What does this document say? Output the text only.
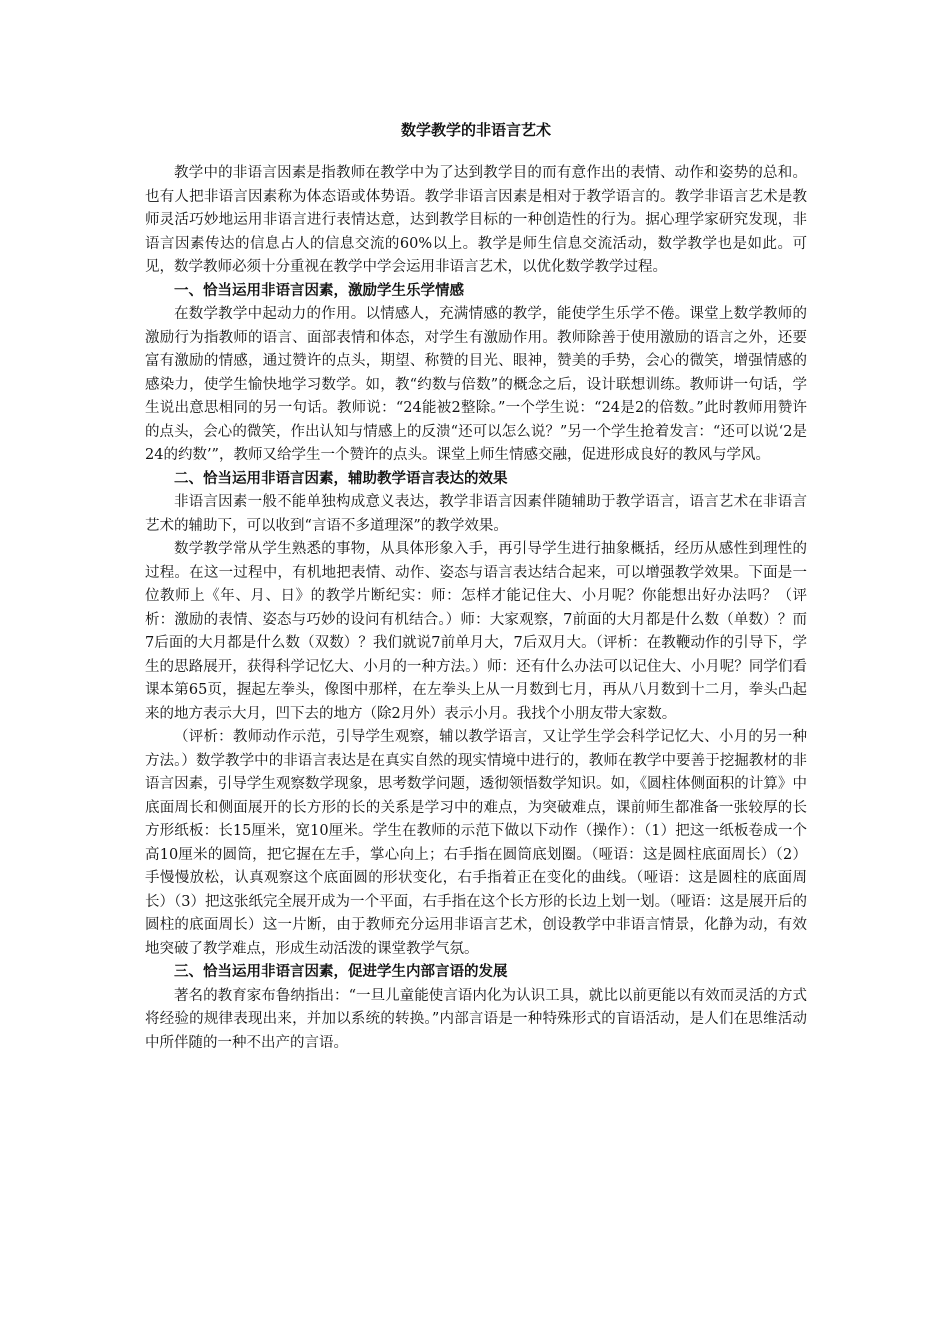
数学教学的非语言艺术

教学中的非语言因素是指教师在教学中为了达到教学目的而有意作出的表情、动作和姿势的总和。也有人把非语言因素称为体态语或体势语。教学非语言因素是相对于教学语言的。教学非语言艺术是教师灵活巧妙地运用非语言进行表情达意，达到教学目标的一种创造性的行为。据心理学家研究发现，非语言因素传达的信息占人的信息交流的60%以上。教学是师生信息交流活动，数学教学也是如此。可见，数学教师必须十分重视在教学中学会运用非语言艺术，以优化数学教学过程。

一、恰当运用非语言因素，激励学生乐学情感

在数学教学中起动力的作用。以情感人，充满情感的教学，能使学生乐学不倦。课堂上数学教师的激励行为指教师的语言、面部表情和体态，对学生有激励作用。教师除善于使用激励的语言之外，还要富有激励的情感，通过赞许的点头，期望、称赞的目光、眼神，赞美的手势，会心的微笑，增强情感的感染力，使学生愉快地学习数学。如，教“约数与倍数”的概念之后，设计联想训练。教师讲一句话，学生说出意思相同的另一句话。教师说：“24能被2整除。”一个学生说：“24是2的倍数。”此时教师用赞许的点头，会心的微笑，作出认知与情感上的反溃“还可以怎么说？”另一个学生抢着发言：“还可以说‘2是24的约数’”，教师又给学生一个赞许的点头。课堂上师生情感交融，促进形成良好的教风与学风。

二、恰当运用非语言因素，辅助教学语言表达的效果

非语言因素一般不能单独构成意义表达，教学非语言因素伴随辅助于教学语言，语言艺术在非语言艺术的辅助下，可以收到“言语不多道理深”的教学效果。

数学教学常从学生熟悉的事物，从具体形象入手，再引导学生进行抽象概括，经历从感性到理性的过程。在这一过程中，有机地把表情、动作、姿态与语言表达结合起来，可以增强教学效果。下面是一位教师上《年、月、日》的教学片断纪实：师：怎样才能记住大、小月呢？你能想出好办法吗？（评析：激励的表情、姿态与巧妙的设问有机结合。）师：大家观察，7前面的大月都是什么数（单数）？而7后面的大月都是什么数（双数）？我们就说7前单月大，7后双月大。（评析：在教鞭动作的引导下，学生的思路展开，获得科学记忆大、小月的一种方法。）师：还有什么办法可以记住大、小月呢？同学们看课本第65页，握起左拳头，像图中那样，在左拳头上从一月数到七月，再从八月数到十二月，拳头凸起来的地方表示大月，凹下去的地方（除2月外）表示小月。我找个小朋友带大家数。

（评析：教师动作示范，引导学生观察，辅以教学语言，又让学生学会科学记忆大、小月的另一种方法。）数学教学中的非语言表达是在真实自然的现实情境中进行的，教师在教学中要善于挖掘教材的非语言因素，引导学生观察数学现象，思考数学问题，透彻领悟数学知识。如，《圆柱体侧面积的计算》中底面周长和侧面展开的长方形的长的关系是学习中的难点，为突破难点，课前师生都准备一张较厚的长方形纸板：长15厘米，宽10厘米。学生在教师的示范下做以下动作（操作）：（1）把这一纸板卷成一个高10厘米的圆筒，把它握在左手，掌心向上；右手指在圆筒底划圈。（哑语：这是圆柱底面周长）（2）手慢慢放松，认真观察这个底面圆的形状变化，右手指着正在变化的曲线。（哑语：这是圆柱的底面周长）（3）把这张纸完全展开成为一个平面，右手指在这个长方形的长边上划一划。（哑语：这是展开后的圆柱的底面周长）这一片断，由于教师充分运用非语言艺术，创设教学中非语言情景，化静为动，有效地突破了教学难点，形成生动活泼的课堂教学气氛。

三、恰当运用非语言因素，促进学生内部言语的发展

著名的教育家布鲁纳指出：“一旦儿童能使言语内化为认识工具，就比以前更能以有效而灵活的方式将经验的规律表现出来，并加以系统的转换。”内部言语是一种特殊形式的盲语活动，是人们在思维活动中所伴随的一种不出产的言语。
